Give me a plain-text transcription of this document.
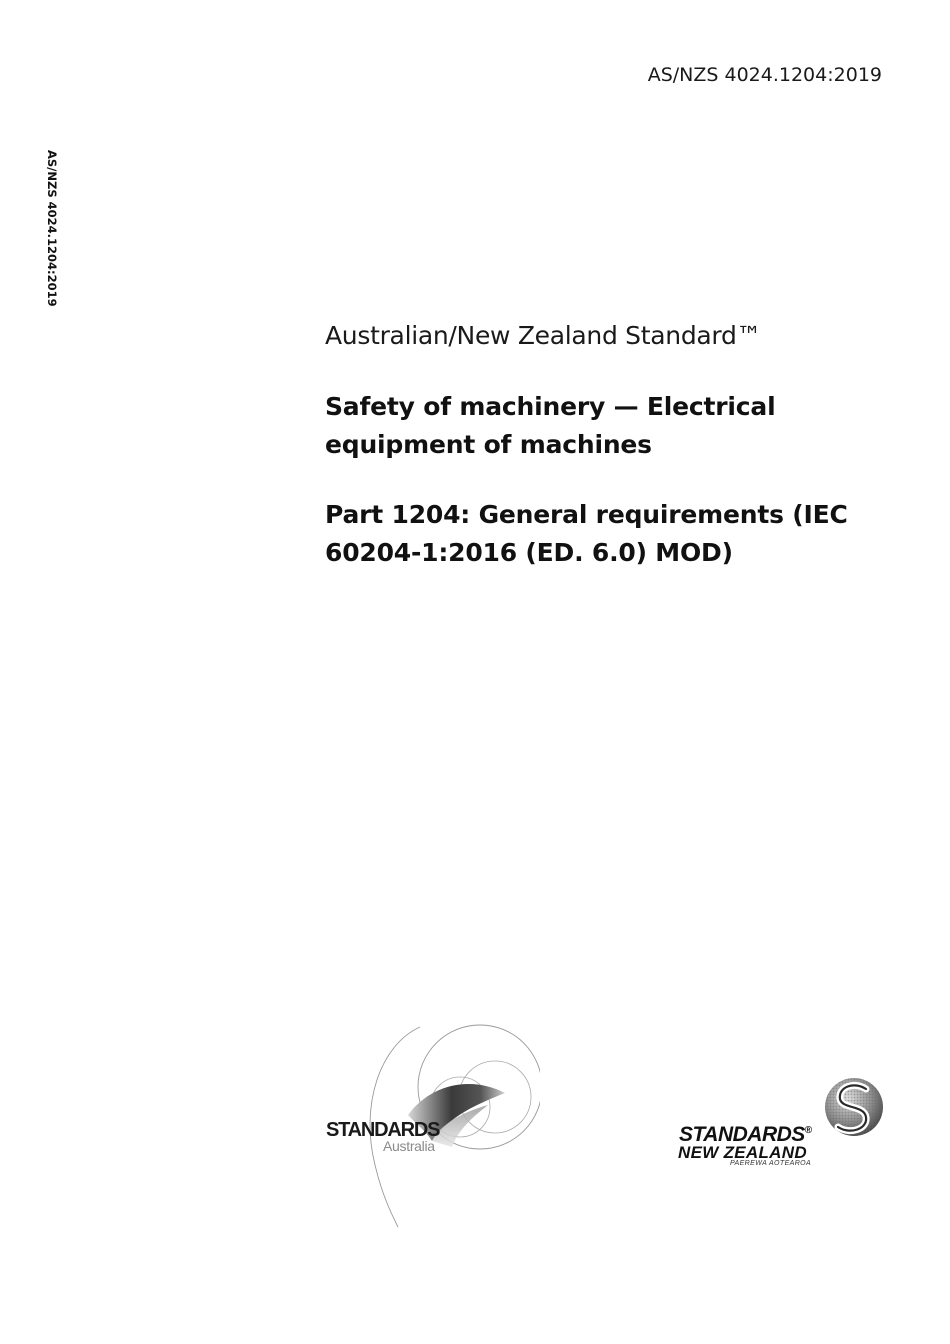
AS/NZS 4024.1204:2019
AS/NZS 4024.1204:2019
Australian/New Zealand Standard™
Safety of machinery — Electrical equipment of machines
Part 1204: General requirements (IEC 60204-1:2016 (ED. 6.0) MOD)
STANDARDS
Australia	STANDARDS®
NEW ZEALAND
PAEREWA AOTEAROA
